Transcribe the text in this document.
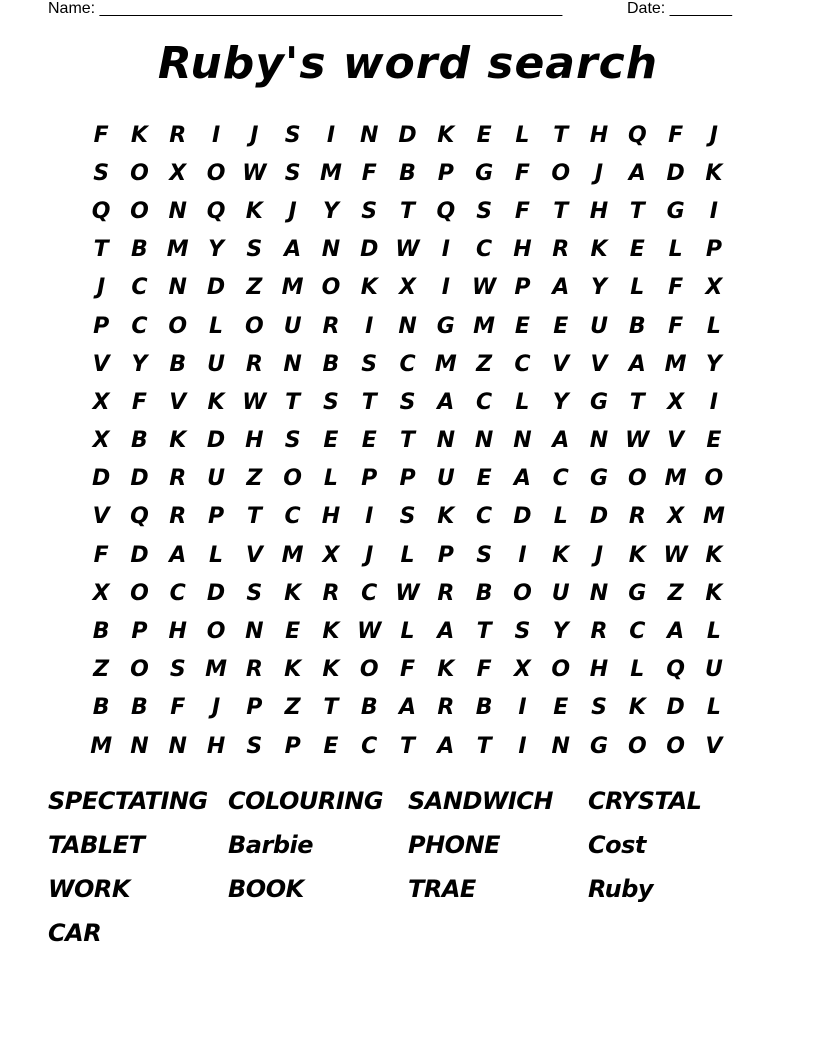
Name: ____________________________________________________	Date: _______
Ruby's word search
F	K R	I	J	S	I	N D K	E	L	T H Q F	J
S O X O W S M F	B P G F O	J	A D K
Q O N Q K	J	Y	S	T Q S	F	T H T G	I
T	B M Y	S A N D W	I	C H R K	E	L	P
J	C N D Z M O K X	I	W P A Y	L	F	X
P	C O L O U R	I	N G M E	E U B	F	L
V Y B U R N B S	C M Z	C V V A M Y
X	F	V K W T	S	T	S A C	L	Y G T	X	I
X B K D H S	E	E	T N N N A N W V	E
D D R U Z O L	P	P U E	A C G O M O
V Q R P	T	C H	I	S K C D	L	D R X M
F D A	L	V M X	J	L	P	S	I	K	J	K W K
X O C D S K R C W R B O U N G Z K
B P H O N E	K W L	A	T	S	Y R C A	L
Z O S M R K K O F	K	F	X O H	L Q U
B B	F	J	P	Z	T	B A R B	I	E	S K D	L
M N N H S	P	E	C	T	A	T	I	N G O O V
SPECTATING COLOURING	SANDWICH	CRYSTAL
TABLET	Barbie	PHONE	Cost
WORK	BOOK	TRAE	Ruby
CAR
